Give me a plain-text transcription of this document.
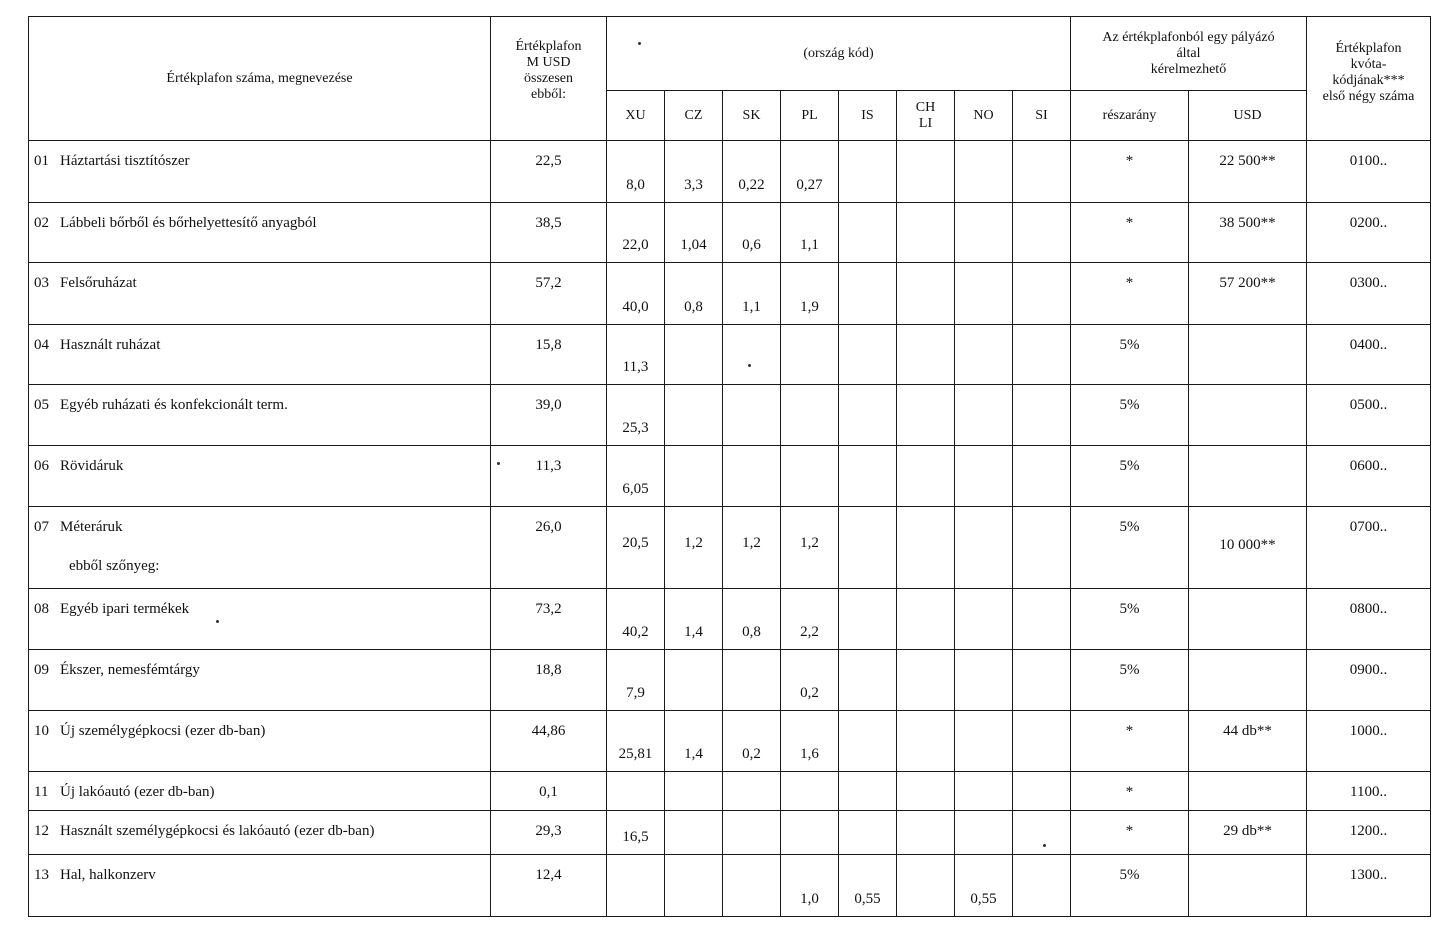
Értékplafon száma, megnevezése	Értékplafon
M USD
összesen
ebből:	(ország kód)								Az értékplafonból egy pályázó
által
kérelmezhető		Értékplafon
kvóta-
kódjának***
első négy száma
		XU	CZ	SK	PL	IS	CH
LI	NO	SI	részarány	USD	
01 Háztartási tisztítószer	22,5	8,0	3,3	0,22	0,27					*	22 500**	0100..
02 Lábbeli bőrből és bőrhelyettesítő anyagból	38,5	22,0	1,04	0,6	1,1					*	38 500**	0200..
03 Felsőruházat	57,2	40,0	0,8	1,1	1,9					*	57 200**	0300..
04 Használt ruházat	15,8	11,3								5%		0400..
05 Egyéb ruházati és konfekcionált term.	39,0	25,3								5%		0500..
06 Rövidáruk	11,3	6,05								5%		0600..
07 Méteráruk
ebből szőnyeg:	26,0	20,5	1,2	1,2	1,2					5%	10 000**	0700..
08 Egyéb ipari termékek	73,2	40,2	1,4	0,8	2,2					5%		0800..
09 Ékszer, nemesfémtárgy	18,8	7,9			0,2					5%		0900..
10 Új személygépkocsi (ezer db-ban)	44,86	25,81	1,4	0,2	1,6					*	44 db**	1000..
11 Új lakóautó (ezer db-ban)	0,1									*		1100..
12 Használt személygépkocsi és lakóautó (ezer db-ban)	29,3	16,5								*	29 db**	1200..
13 Hal, halkonzerv	12,4				1,0	0,55		0,55		5%		1300..
